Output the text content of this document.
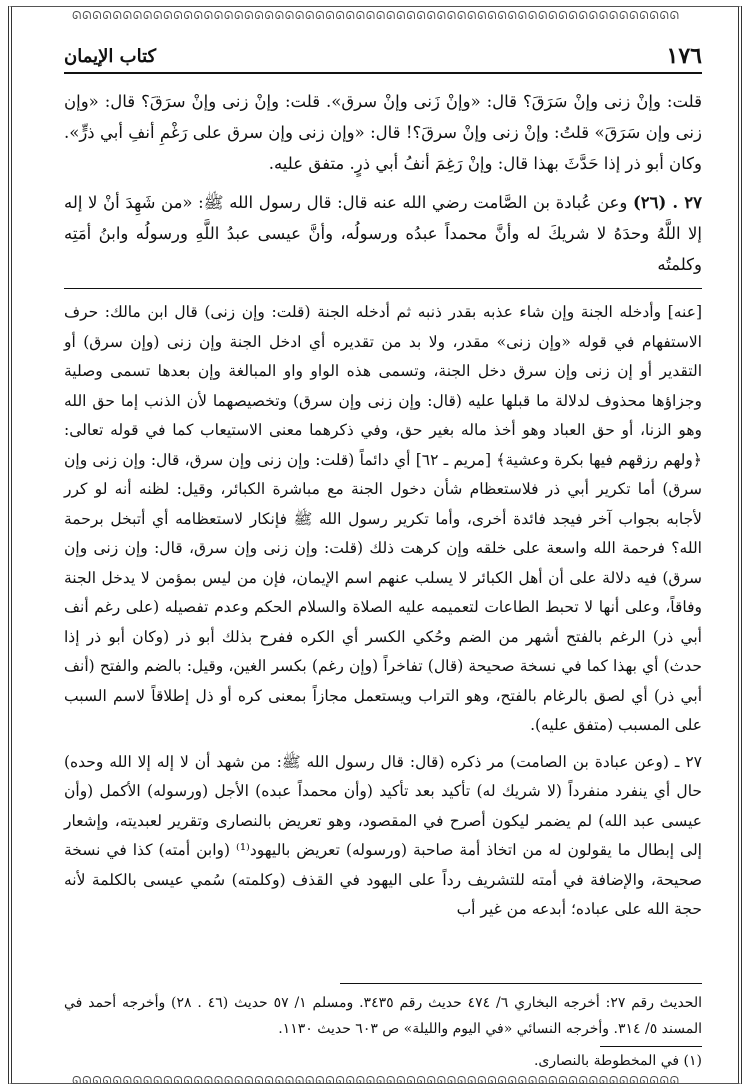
ᘏᘏᘏᘏᘏᘏᘏᘏᘏᘏᘏᘏᘏᘏᘏᘏᘏᘏᘏᘏᘏᘏᘏᘏᘏᘏᘏᘏᘏᘏᘏᘏᘏᘏᘏᘏᘏᘏᘏᘏᘏᘏᘏᘏᘏᘏᘏᘏᘏᘏᘏᘏᘏᘏᘏᘏᘏᘏᘏᘏ
ᘏᘏᘏᘏᘏᘏᘏᘏᘏᘏᘏᘏᘏᘏᘏᘏᘏᘏᘏᘏᘏᘏᘏᘏᘏᘏᘏᘏᘏᘏᘏᘏᘏᘏᘏᘏᘏᘏᘏᘏᘏᘏᘏᘏᘏᘏᘏᘏᘏᘏᘏᘏᘏᘏᘏᘏᘏᘏᘏᘏ
١٧٦
كتاب الإيمان

قلت: وإنْ زنى وإنْ سَرَقَ؟ قال: «وإنْ زَنى وإنْ سرق». قلت: وإنْ زنى وإنْ سرَقَ؟ قال: «وإن زنى وإن سَرَقَ» قلتُ: وإنْ زنى وإنْ سرقَ؟! قال: «وإن زنى وإن سرق على رَغْمِ أنفِ أبي ذرٍّ». وكان أبو ذر إذا حَدَّثَ بهذا قال: وإنْ رَغِمَ أنفُ أبي ذرٍ. متفق عليه.

٢٧ . (٢٦) وعن عُبادة بن الصَّامت رضي الله عنه قال: قال رسول الله ﷺ: «من شَهِدَ أنْ لا إله إلا اللَّهُ وحدَهُ لا شريكَ له وأنَّ محمداً عبدُه ورسولُه، وأنَّ عيسى عبدُ اللَّهِ ورسولُه وابنُ أمَتِه وكلمتُه

[عنه] وأدخله الجنة وإن شاء عذبه بقدر ذنبه ثم أدخله الجنة (قلت: وإن زنى) قال ابن مالك: حرف الاستفهام في قوله «وإن زنى» مقدر، ولا بد من تقديره أي ادخل الجنة وإن زنى (وإن سرق) أو التقدير أو إن زنى وإن سرق دخل الجنة، وتسمى هذه الواو واو المبالغة وإن بعدها تسمى وصلية وجزاؤها محذوف لدلالة ما قبلها عليه (قال: وإن زنى وإن سرق) وتخصيصهما لأن الذنب إما حق الله وهو الزنا، أو حق العباد وهو أخذ ماله بغير حق، وفي ذكرهما معنى الاستيعاب كما في قوله تعالى: ﴿ولهم رزقهم فيها بكرة وعشية﴾ [مريم ـ ٦٢] أي دائماً (قلت: وإن زنى وإن سرق، قال: وإن زنى وإن سرق) أما تكرير أبي ذر فلاستعظام شأن دخول الجنة مع مباشرة الكبائر، وقيل: لظنه أنه لو كرر لأجابه بجواب آخر فيجد فائدة أخرى، وأما تكرير رسول الله ﷺ فإنكار لاستعظامه أي أتبخل برحمة الله؟ فرحمة الله واسعة على خلقه وإن كرهت ذلك (قلت: وإن زنى وإن سرق، قال: وإن زنى وإن سرق) فيه دلالة على أن أهل الكبائر لا يسلب عنهم اسم الإيمان، فإن من ليس بمؤمن لا يدخل الجنة وفاقاً، وعلى أنها لا تحبط الطاعات لتعميمه عليه الصلاة والسلام الحكم وعدم تفصيله (على رغم أنف أبي ذر) الرغم بالفتح أشهر من الضم وحُكي الكسر أي الكره ففرح بذلك أبو ذر (وكان أبو ذر إذا حدث) أي بهذا كما في نسخة صحيحة (قال) تفاخراً (وإن رغم) بكسر الغين، وقيل: بالضم والفتح (أنف أبي ذر) أي لصق بالرغام بالفتح، وهو التراب ويستعمل مجازاً بمعنى كره أو ذل إطلاقاً لاسم السبب على المسبب (متفق عليه).

٢٧ ـ (وعن عبادة بن الصامت) مر ذكره (قال: قال رسول الله ﷺ: من شهد أن لا إله إلا الله وحده) حال أي ينفرد منفرداً (لا شريك له) تأكيد بعد تأكيد (وأن محمداً عبده) الأجل (ورسوله) الأكمل (وأن عيسى عبد الله) لم يضمر ليكون أصرح في المقصود، وهو تعريض بالنصارى وتقرير لعبديته، وإشعار إلى إبطال ما يقولون له من اتخاذ أمة صاحبة (ورسوله) تعريض باليهود⁽¹⁾ (وابن أمته) كذا في نسخة صحيحة، والإضافة في أمته للتشريف رداً على اليهود في القذف (وكلمته) سُمي عيسى بالكلمة لأنه حجة الله على عباده؛ أبدعه من غير أب

الحديث رقم ٢٧: أخرجه البخاري ٦/ ٤٧٤ حديث رقم ٣٤٣٥. ومسلم ١/ ٥٧ حديث (٤٦ . ٢٨) وأخرجه أحمد في المسند ٥/ ٣١٤. وأخرجه النسائي «في اليوم والليلة» ص ٦٠٣ حديث ١١٣٠.
(١) في المخطوطة بالنصارى.
